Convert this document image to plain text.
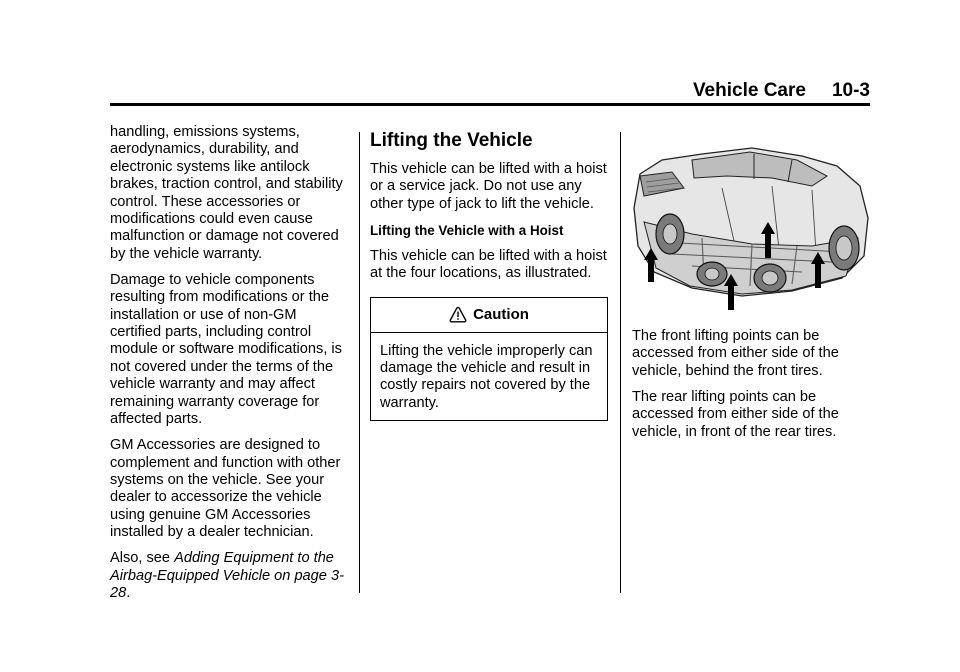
Vehicle Care 10-3

handling, emissions systems, aerodynamics, durability, and electronic systems like antilock brakes, traction control, and stability control. These accessories or modifications could even cause malfunction or damage not covered by the vehicle warranty.

Damage to vehicle components resulting from modifications or the installation or use of non-GM certified parts, including control module or software modifications, is not covered under the terms of the vehicle warranty and may affect remaining warranty coverage for affected parts.

GM Accessories are designed to complement and function with other systems on the vehicle. See your dealer to accessorize the vehicle using genuine GM Accessories installed by a dealer technician.

Also, see Adding Equipment to the Airbag-Equipped Vehicle on page 3-28.

Lifting the Vehicle

This vehicle can be lifted with a hoist or a service jack. Do not use any other type of jack to lift the vehicle.

Lifting the Vehicle with a Hoist

This vehicle can be lifted with a hoist at the four locations, as illustrated.

Caution
Lifting the vehicle improperly can damage the vehicle and result in costly repairs not covered by the warranty.

The front lifting points can be accessed from either side of the vehicle, behind the front tires.

The rear lifting points can be accessed from either side of the vehicle, in front of the rear tires.
